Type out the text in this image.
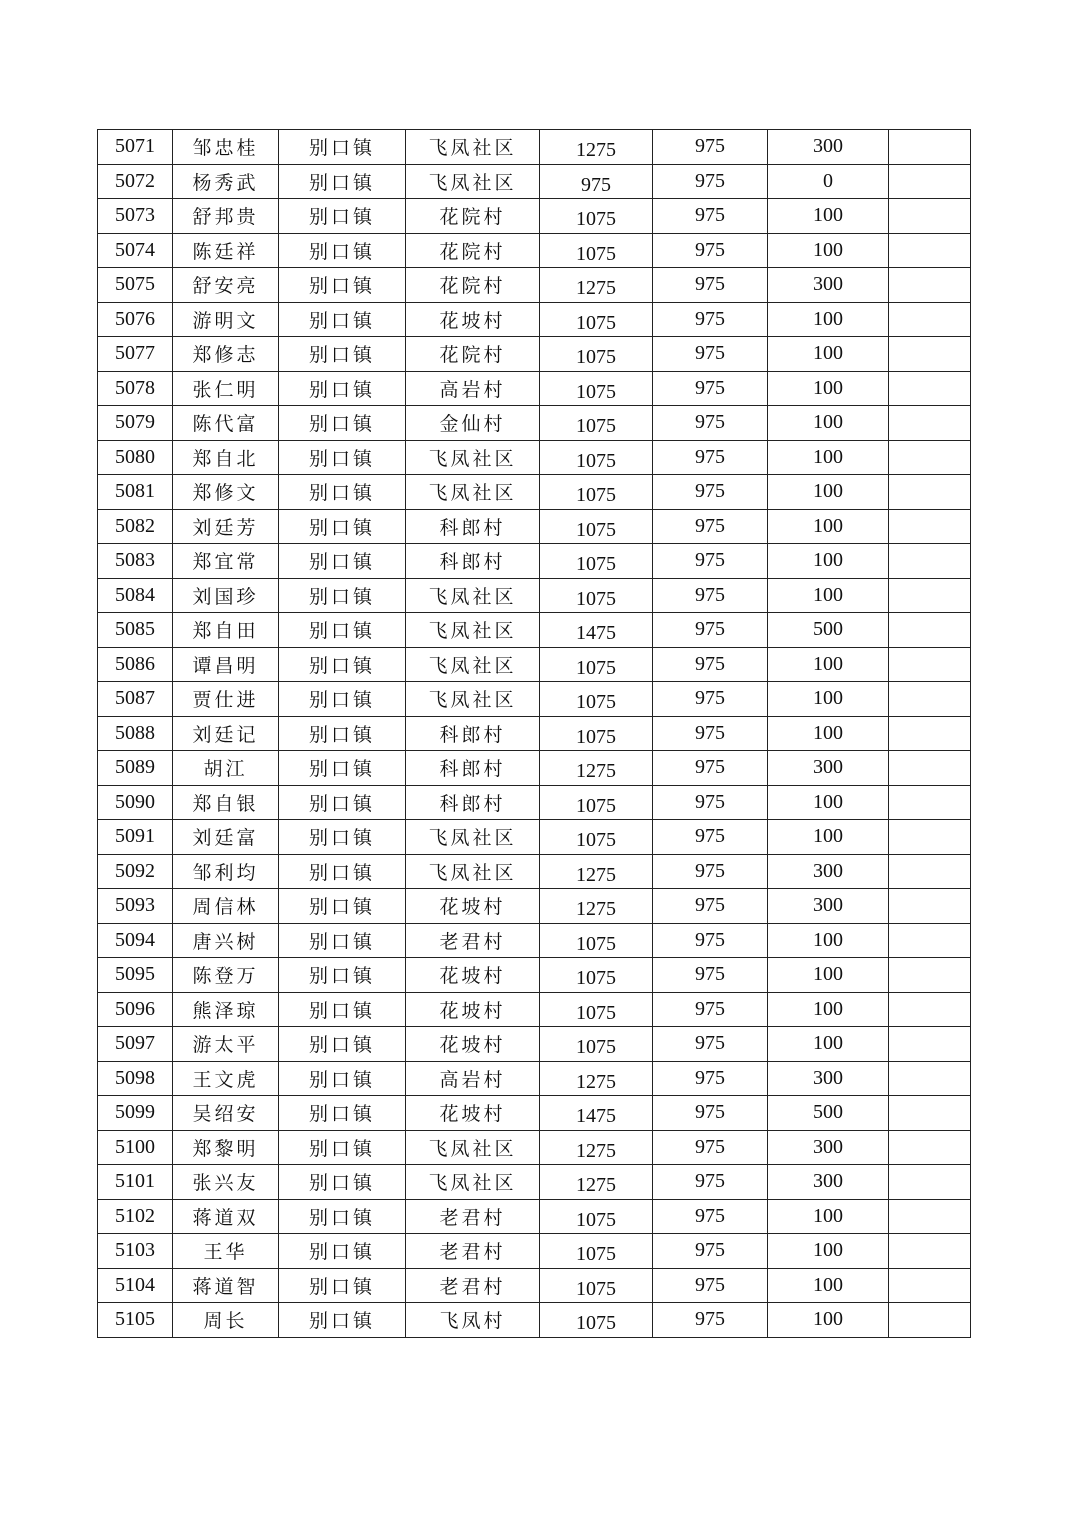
5071	邹忠桂	别口镇	飞凤社区	1275	975	300	
5072	杨秀武	别口镇	飞凤社区	975	975	0	
5073	舒邦贵	别口镇	花院村	1075	975	100	
5074	陈廷祥	别口镇	花院村	1075	975	100	
5075	舒安亮	别口镇	花院村	1275	975	300	
5076	游明文	别口镇	花坡村	1075	975	100	
5077	郑修志	别口镇	花院村	1075	975	100	
5078	张仁明	别口镇	高岩村	1075	975	100	
5079	陈代富	别口镇	金仙村	1075	975	100	
5080	郑自北	别口镇	飞凤社区	1075	975	100	
5081	郑修文	别口镇	飞凤社区	1075	975	100	
5082	刘廷芳	别口镇	科郎村	1075	975	100	
5083	郑宜常	别口镇	科郎村	1075	975	100	
5084	刘国珍	别口镇	飞凤社区	1075	975	100	
5085	郑自田	别口镇	飞凤社区	1475	975	500	
5086	谭昌明	别口镇	飞凤社区	1075	975	100	
5087	贾仕进	别口镇	飞凤社区	1075	975	100	
5088	刘廷记	别口镇	科郎村	1075	975	100	
5089	胡江	别口镇	科郎村	1275	975	300	
5090	郑自银	别口镇	科郎村	1075	975	100	
5091	刘廷富	别口镇	飞凤社区	1075	975	100	
5092	邹利均	别口镇	飞凤社区	1275	975	300	
5093	周信林	别口镇	花坡村	1275	975	300	
5094	唐兴树	别口镇	老君村	1075	975	100	
5095	陈登万	别口镇	花坡村	1075	975	100	
5096	熊泽琼	别口镇	花坡村	1075	975	100	
5097	游太平	别口镇	花坡村	1075	975	100	
5098	王文虎	别口镇	高岩村	1275	975	300	
5099	吴绍安	别口镇	花坡村	1475	975	500	
5100	郑黎明	别口镇	飞凤社区	1275	975	300	
5101	张兴友	别口镇	飞凤社区	1275	975	300	
5102	蒋道双	别口镇	老君村	1075	975	100	
5103	王华	别口镇	老君村	1075	975	100	
5104	蒋道智	别口镇	老君村	1075	975	100	
5105	周长	别口镇	飞凤村	1075	975	100	
